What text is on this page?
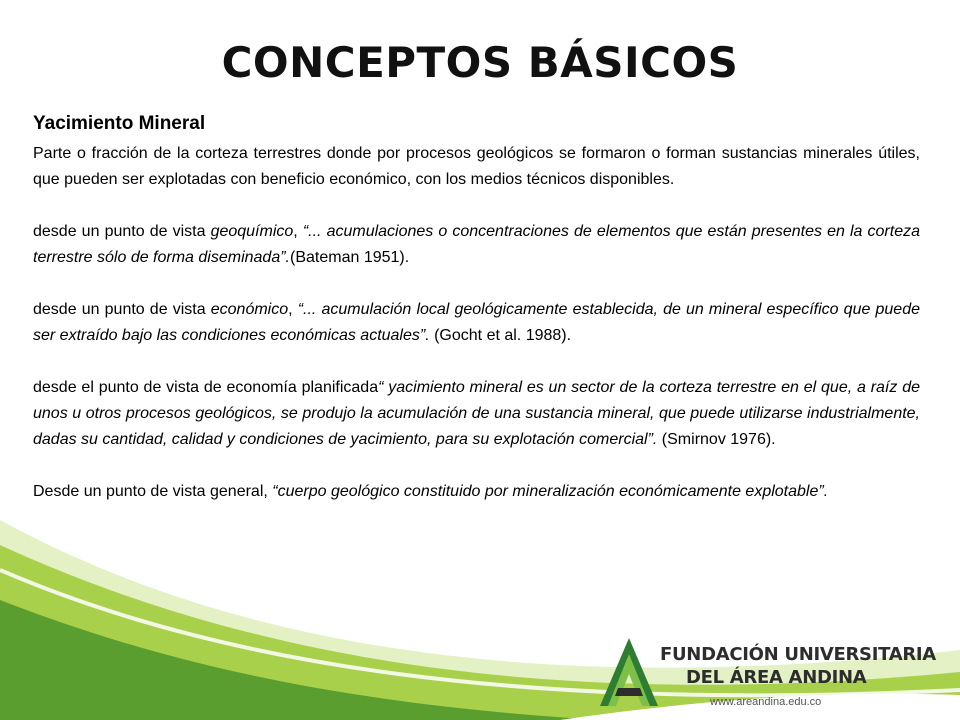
CONCEPTOS BÁSICOS
Yacimiento Mineral

Parte o fracción de la corteza terrestres donde por procesos geológicos se formaron o forman sustancias minerales útiles, que pueden ser explotadas con beneficio económico, con los medios técnicos disponibles.

desde un punto de vista geoquímico, “... acumulaciones o concentraciones de elementos que están presentes en la corteza terrestre sólo de forma diseminada”.(Bateman 1951).

desde un punto de vista económico, “... acumulación local geológicamente establecida, de un mineral específico que puede ser extraído bajo las condiciones económicas actuales”. (Gocht et al. 1988).

desde el punto de vista de economía planificada“ yacimiento mineral es un sector de la corteza terrestre en el que, a raíz de unos u otros procesos geológicos, se produjo la acumulación de una sustancia mineral, que puede utilizarse industrialmente, dadas su cantidad, calidad y condiciones de yacimiento, para su explotación comercial”. (Smirnov 1976).

Desde un punto de vista general, “cuerpo geológico constituido por mineralización económicamente explotable”.

FUNDACIÓN UNIVERSITARIA
DEL ÁREA ANDINA
www.areandina.edu.co
